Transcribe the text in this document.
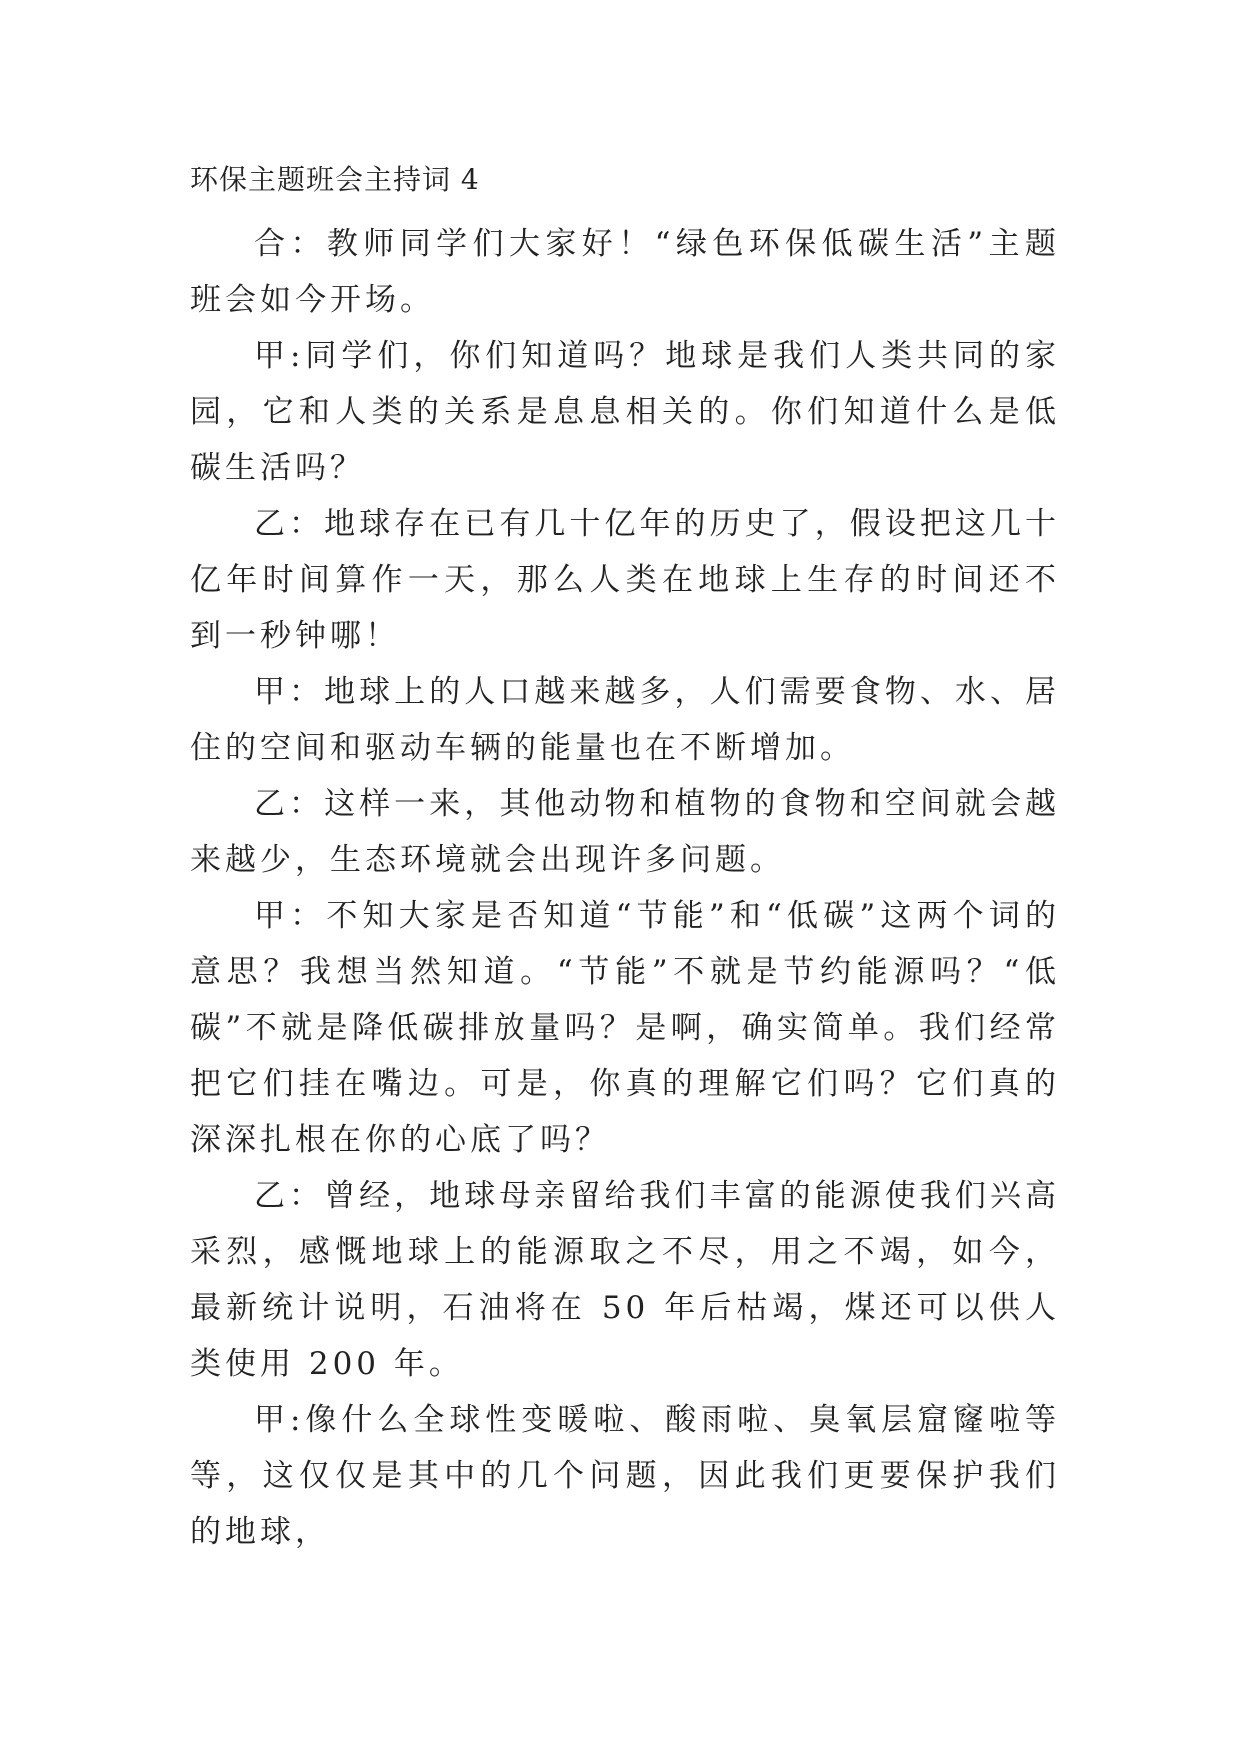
环保主题班会主持词 4

合：教师同学们大家好！“绿色环保低碳生活”主题班会如今开场。

甲:同学们，你们知道吗？地球是我们人类共同的家园，它和人类的关系是息息相关的。你们知道什么是低碳生活吗？

乙：地球存在已有几十亿年的历史了，假设把这几十亿年时间算作一天，那么人类在地球上生存的时间还不到一秒钟哪！

甲：地球上的人口越来越多，人们需要食物、水、居住的空间和驱动车辆的能量也在不断增加。

乙：这样一来，其他动物和植物的食物和空间就会越来越少，生态环境就会出现许多问题。

甲：不知大家是否知道“节能”和“低碳”这两个词的意思？我想当然知道。“节能”不就是节约能源吗？“低碳”不就是降低碳排放量吗？是啊，确实简单。我们经常把它们挂在嘴边。可是，你真的理解它们吗？它们真的深深扎根在你的心底了吗？

乙：曾经，地球母亲留给我们丰富的能源使我们兴高采烈，感慨地球上的能源取之不尽，用之不竭，如今，最新统计说明，石油将在 50 年后枯竭，煤还可以供人类使用 200 年。

甲:像什么全球性变暖啦、酸雨啦、臭氧层窟窿啦等等，这仅仅是其中的几个问题，因此我们更要保护我们的地球，
